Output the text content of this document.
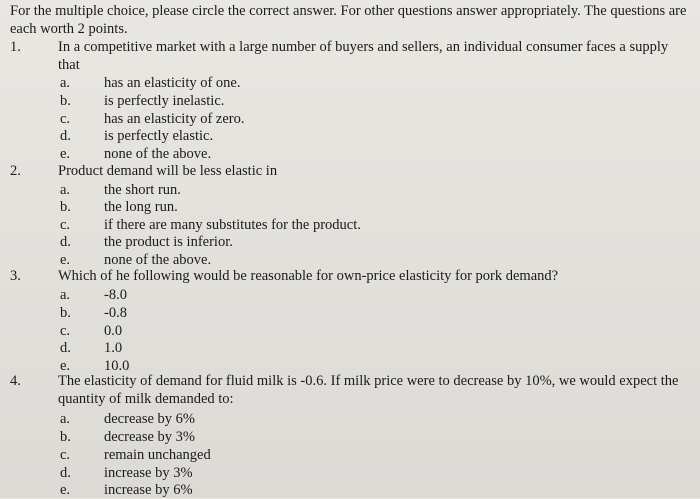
For the multiple choice, please circle the correct answer. For other questions answer appropriately. The questions are each worth 2 points.
1.	In a competitive market with a large number of buyers and sellers, an individual consumer faces a supply that
a. has an elasticity of one.
b. is perfectly inelastic.
c. has an elasticity of zero.
d. is perfectly elastic.
e. none of the above.
2.	Product demand will be less elastic in
a. the short run.
b. the long run.
c. if there are many substitutes for the product.
d. the product is inferior.
e. none of the above.
3.	Which of he following would be reasonable for own-price elasticity for pork demand?
a. -8.0
b. -0.8
c. 0.0
d. 1.0
e. 10.0
4.	The elasticity of demand for fluid milk is -0.6. If milk price were to decrease by 10%, we would expect the quantity of milk demanded to:
a. decrease by 6%
b. decrease by 3%
c. remain unchanged
d. increase by 3%
e. increase by 6%
